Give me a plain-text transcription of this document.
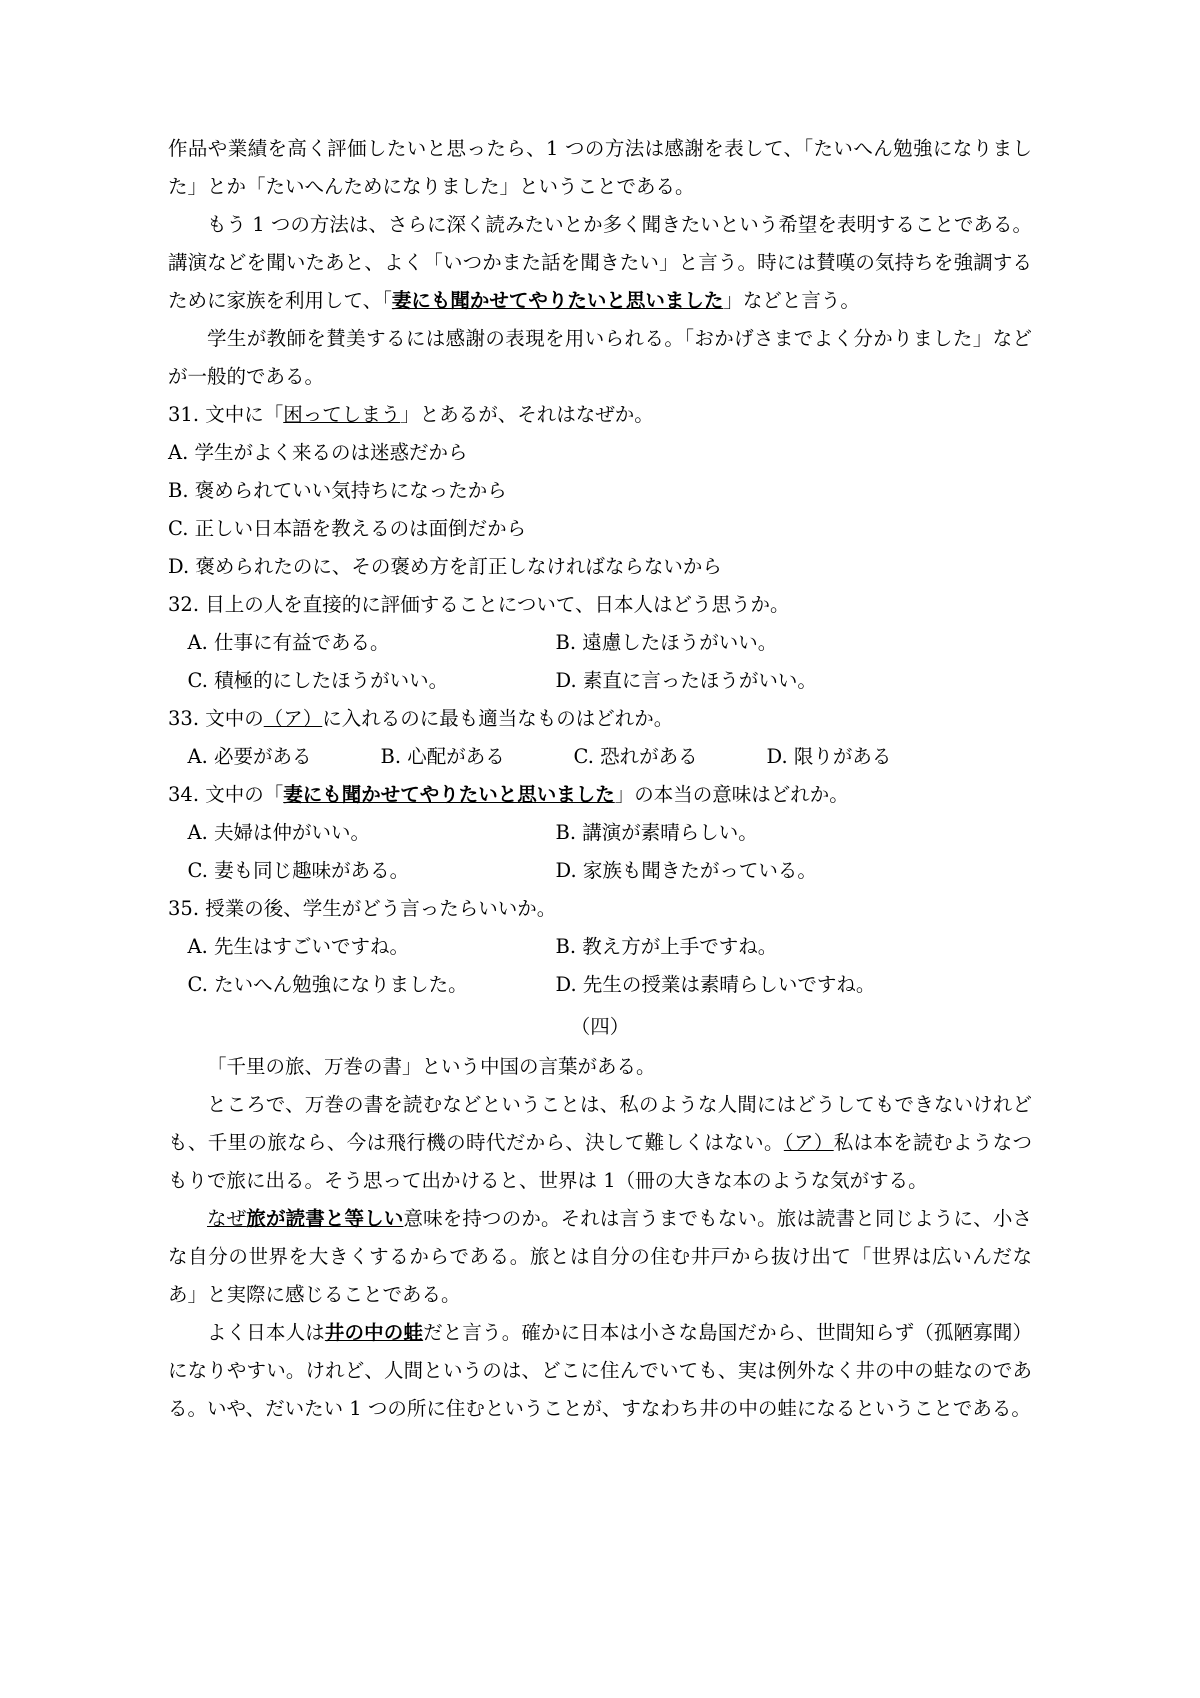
作品や業績を高く評価したいと思ったら、1 つの方法は感謝を表して、「たいへん勉強になりました」とか「たいへんためになりました」ということである。

もう 1 つの方法は、さらに深く読みたいとか多く聞きたいという希望を表明することである。講演などを聞いたあと、よく「いつかまた話を聞きたい」と言う。時には賛嘆の気持ちを強調するために家族を利用して、「妻にも聞かせてやりたいと思いました」などと言う。

学生が教師を賛美するには感謝の表現を用いられる。「おかげさまでよく分かりました」などが一般的である。

31. 文中に「困ってしまう」とあるが、それはなぜか。

A. 学生がよく来るのは迷惑だから

B. 褒められていい気持ちになったから

C. 正しい日本語を教えるのは面倒だから

D. 褒められたのに、その褒め方を訂正しなければならないから

32. 目上の人を直接的に評価することについて、日本人はどう思うか。

A. 仕事に有益である。	B. 遠慮したほうがいい。
C. 積極的にしたほうがいい。	D. 素直に言ったほうがいい。

33. 文中の（ア）に入れるのに最も適当なものはどれか。

A. 必要がある	B. 心配がある	C. 恐れがある	D. 限りがある

34. 文中の「妻にも聞かせてやりたいと思いました」の本当の意味はどれか。

A. 夫婦は仲がいい。	B. 講演が素晴らしい。
C. 妻も同じ趣味がある。	D. 家族も聞きたがっている。

35. 授業の後、学生がどう言ったらいいか。

A. 先生はすごいですね。	B. 教え方が上手ですね。
C. たいへん勉強になりました。	D. 先生の授業は素晴らしいですね。

（四）

「千里の旅、万巻の書」という中国の言葉がある。

ところで、万巻の書を読むなどということは、私のような人間にはどうしてもできないけれども、千里の旅なら、今は飛行機の時代だから、決して難しくはない。（ア）私は本を読むようなつもりで旅に出る。そう思って出かけると、世界は 1（冊の大きな本のような気がする。

なぜ旅が読書と等しい意味を持つのか。それは言うまでもない。旅は読書と同じように、小さな自分の世界を大きくするからである。旅とは自分の住む井戸から抜け出て「世界は広いんだなあ」と実際に感じることである。

よく日本人は井の中の蛙だと言う。確かに日本は小さな島国だから、世間知らず（孤陋寡聞）になりやすい。けれど、人間というのは、どこに住んでいても、実は例外なく井の中の蛙なのである。いや、だいたい 1 つの所に住むということが、すなわち井の中の蛙になるということである。
